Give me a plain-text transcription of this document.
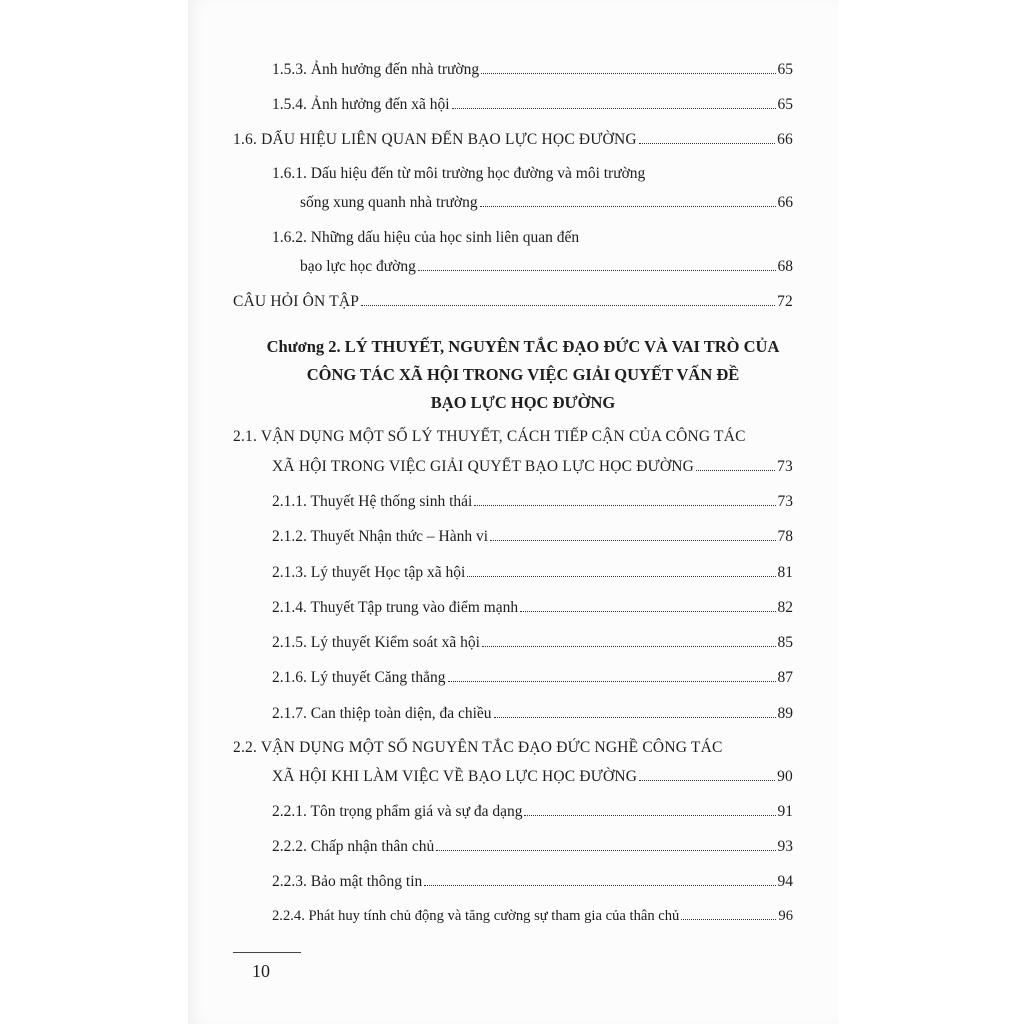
1.5.3. Ảnh hưởng đến nhà trường	65
1.5.4. Ảnh hưởng đến xã hội	65
1.6. DẤU HIỆU LIÊN QUAN ĐẾN BẠO LỰC HỌC ĐƯỜNG	66
1.6.1. Dấu hiệu đến từ môi trường học đường và môi trường
sống xung quanh nhà trường	66
1.6.2. Những dấu hiệu của học sinh liên quan đến
bạo lực học đường	68
CÂU HỎI ÔN TẬP	72
Chương 2. LÝ THUYẾT, NGUYÊN TẮC ĐẠO ĐỨC VÀ VAI TRÒ CỦA
CÔNG TÁC XÃ HỘI TRONG VIỆC GIẢI QUYẾT VẤN ĐỀ
BẠO LỰC HỌC ĐƯỜNG
2.1. VẬN DỤNG MỘT SỐ LÝ THUYẾT, CÁCH TIẾP CẬN CỦA CÔNG TÁC
XÃ HỘI TRONG VIỆC GIẢI QUYẾT BẠO LỰC HỌC ĐƯỜNG	73
2.1.1. Thuyết Hệ thống sinh thái	73
2.1.2. Thuyết Nhận thức – Hành vi	78
2.1.3. Lý thuyết Học tập xã hội	81
2.1.4. Thuyết Tập trung vào điểm mạnh	82
2.1.5. Lý thuyết Kiểm soát xã hội	85
2.1.6. Lý thuyết Căng thẳng	87
2.1.7. Can thiệp toàn diện, đa chiều	89
2.2. VẬN DỤNG MỘT SỐ NGUYÊN TẮC ĐẠO ĐỨC NGHỀ CÔNG TÁC
XÃ HỘI KHI LÀM VIỆC VỀ BẠO LỰC HỌC ĐƯỜNG	90
2.2.1. Tôn trọng phẩm giá và sự đa dạng	91
2.2.2. Chấp nhận thân chủ	93
2.2.3. Bảo mật thông tin	94
2.2.4. Phát huy tính chủ động và tăng cường sự tham gia của thân chủ	96
10
